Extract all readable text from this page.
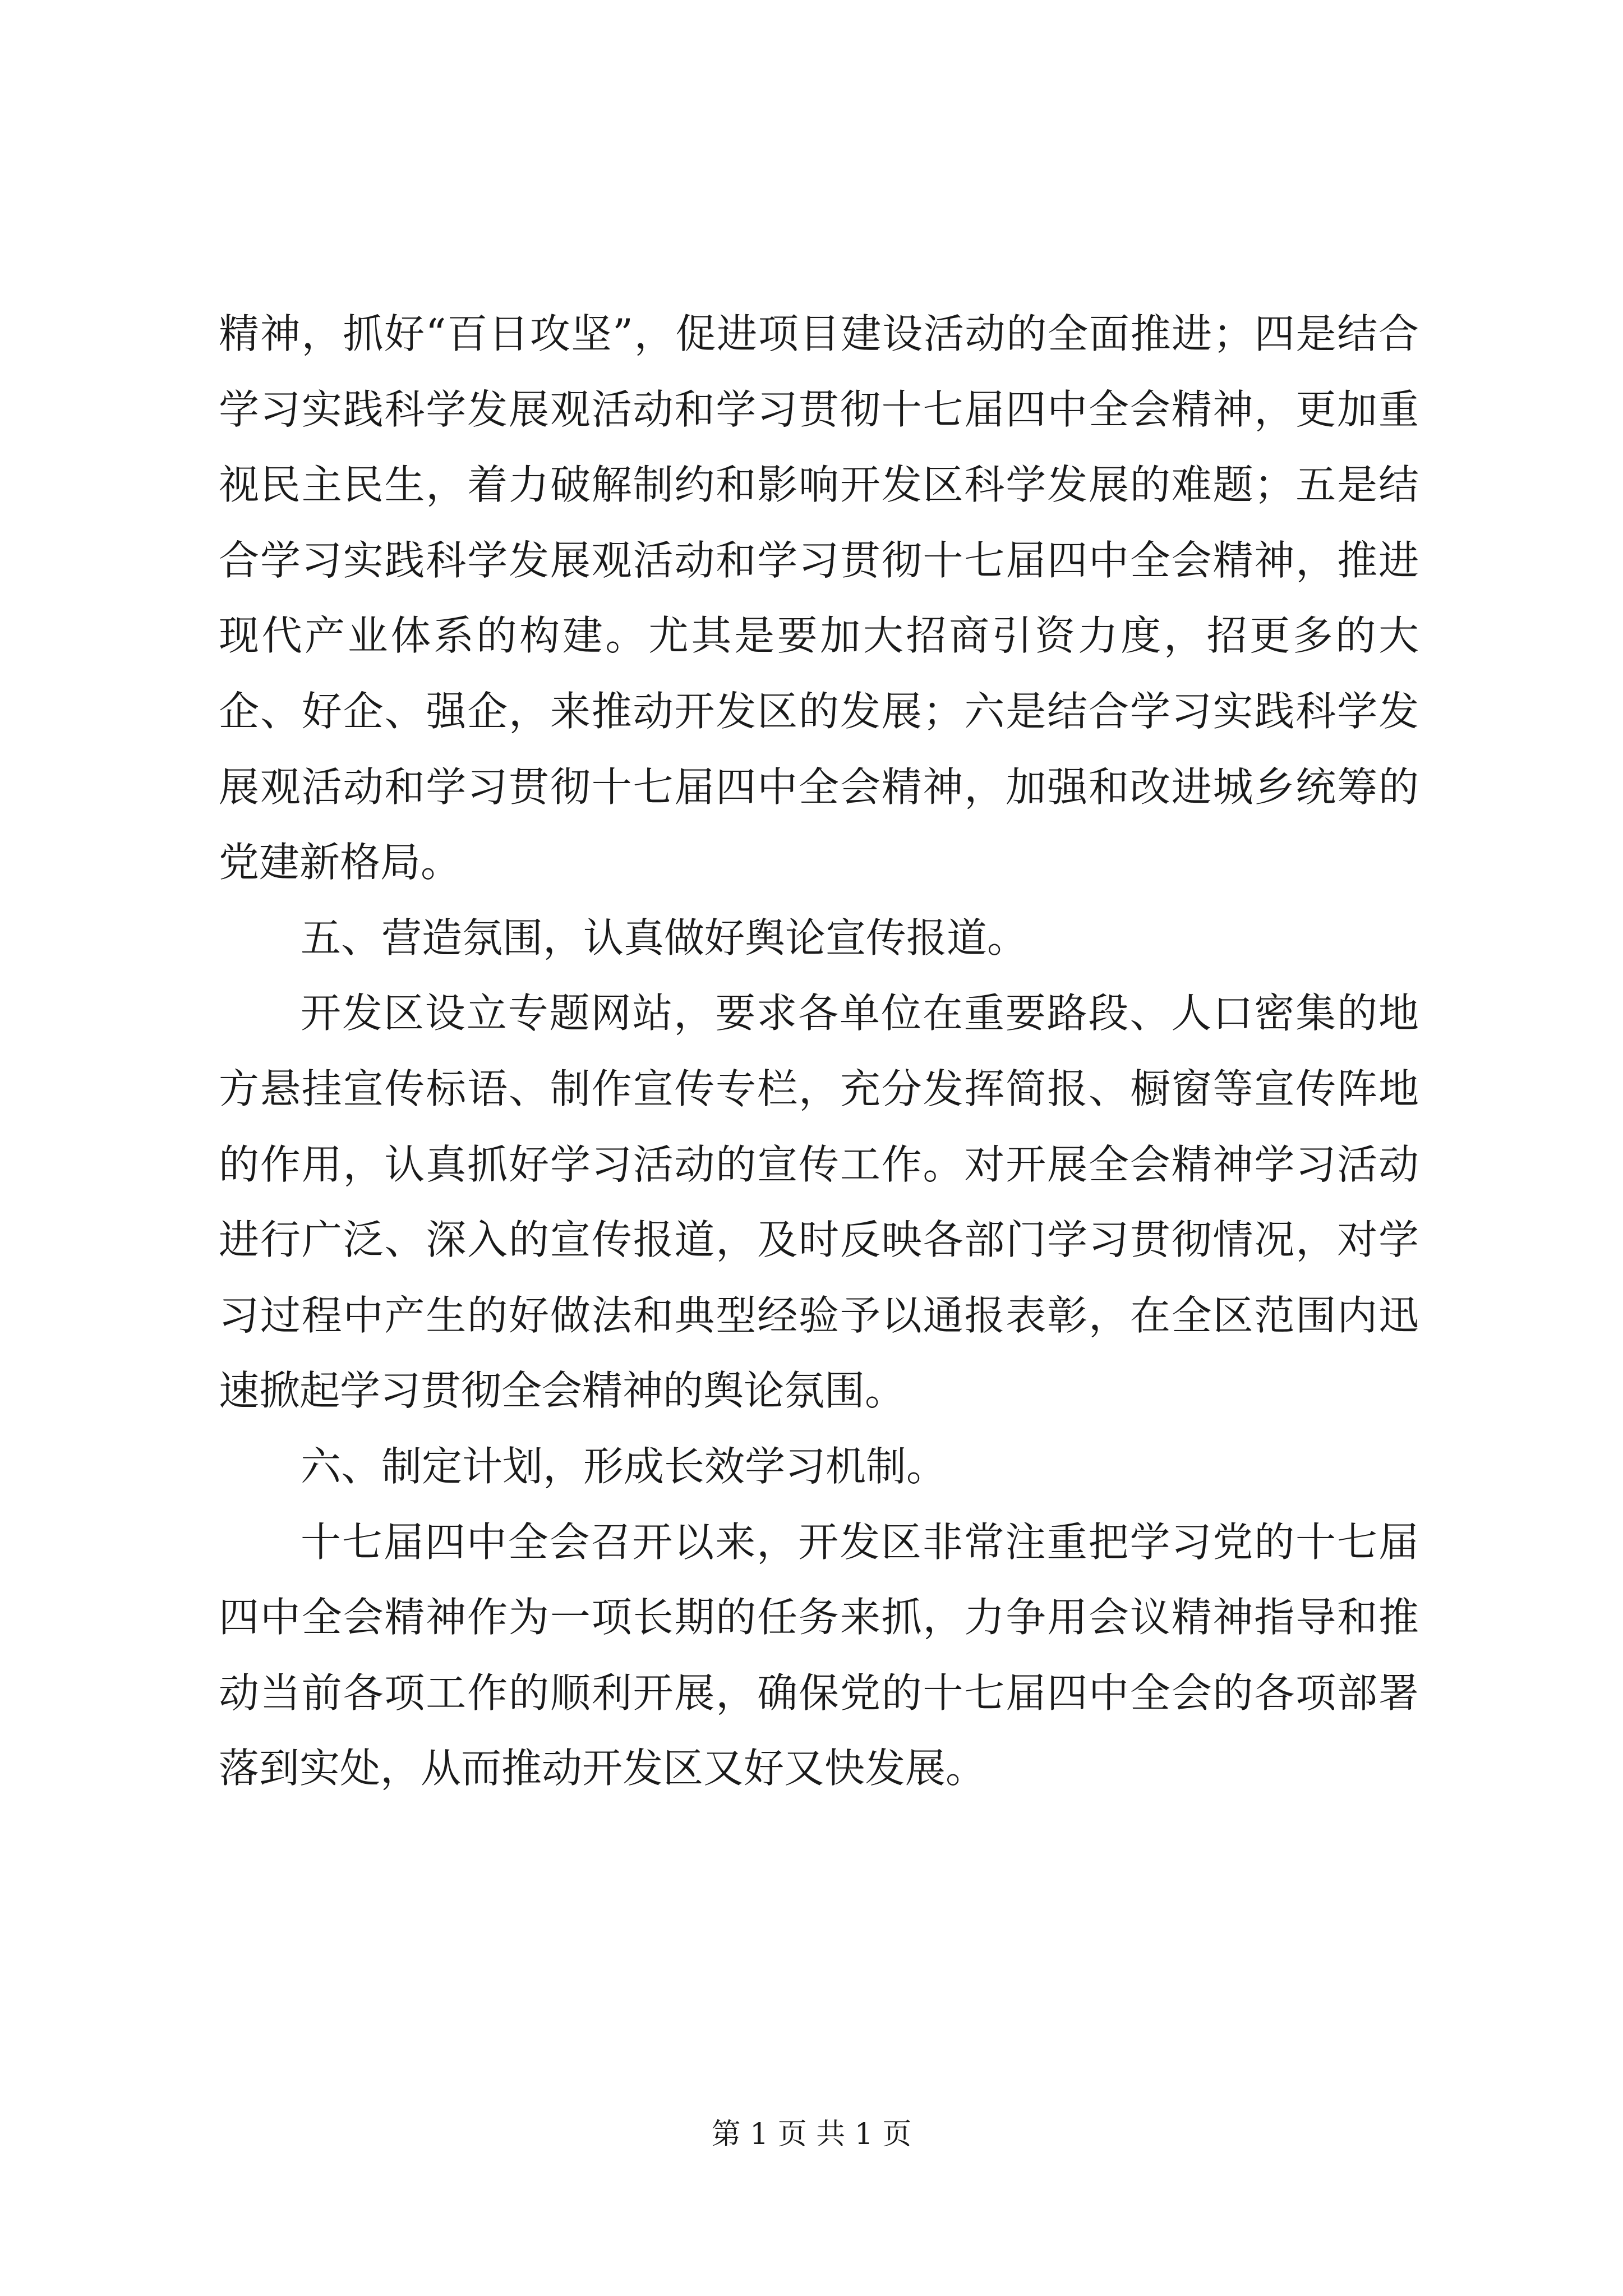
精神，抓好“百日攻坚”，促进项目建设活动的全面推进；四是结合学习实践科学发展观活动和学习贯彻十七届四中全会精神，更加重视民主民生，着力破解制约和影响开发区科学发展的难题；五是结合学习实践科学发展观活动和学习贯彻十七届四中全会精神，推进现代产业体系的构建。尤其是要加大招商引资力度，招更多的大企、好企、强企，来推动开发区的发展；六是结合学习实践科学发展观活动和学习贯彻十七届四中全会精神，加强和改进城乡统筹的党建新格局。

五、营造氛围，认真做好舆论宣传报道。

开发区设立专题网站，要求各单位在重要路段、人口密集的地方悬挂宣传标语、制作宣传专栏，充分发挥简报、橱窗等宣传阵地的作用，认真抓好学习活动的宣传工作。对开展全会精神学习活动进行广泛、深入的宣传报道，及时反映各部门学习贯彻情况，对学习过程中产生的好做法和典型经验予以通报表彰，在全区范围内迅速掀起学习贯彻全会精神的舆论氛围。

六、制定计划，形成长效学习机制。

十七届四中全会召开以来，开发区非常注重把学习党的十七届四中全会精神作为一项长期的任务来抓，力争用会议精神指导和推动当前各项工作的顺利开展，确保党的十七届四中全会的各项部署落到实处，从而推动开发区又好又快发展。

第 1 页 共 1 页
